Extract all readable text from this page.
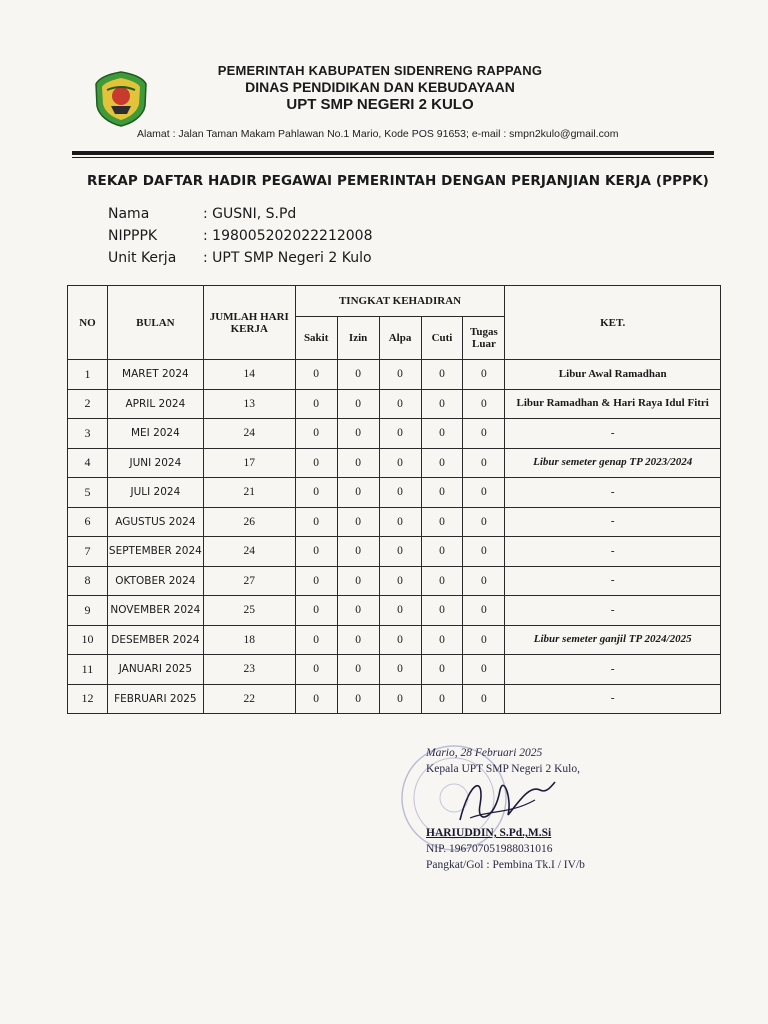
PEMERINTAH KABUPATEN SIDENRENG RAPPANG
DINAS PENDIDIKAN DAN KEBUDAYAAN
UPT SMP NEGERI 2 KULO
Alamat : Jalan Taman Makam Pahlawan No.1 Mario, Kode POS 91653; e-mail : smpn2kulo@gmail.com
REKAP DAFTAR HADIR PEGAWAI PEMERINTAH DENGAN PERJANJIAN KERJA (PPPK)
Nama	: GUSNI, S.Pd
NIPPPK	: 198005202022212008
Unit Kerja	: UPT SMP Negeri 2 Kulo
NO	BULAN	JUMLAH HARI KERJA	TINGKAT KEHADIRAN					KET.
			Sakit	Izin	Alpa	Cuti	Tugas Luar	
1	MARET 2024	14	0	0	0	0	0	Libur Awal Ramadhan
2	APRIL 2024	13	0	0	0	0	0	Libur Ramadhan & Hari Raya Idul Fitri
3	MEI 2024	24	0	0	0	0	0	-
4	JUNI 2024	17	0	0	0	0	0	Libur semeter genap TP 2023/2024
5	JULI 2024	21	0	0	0	0	0	-
6	AGUSTUS 2024	26	0	0	0	0	0	-
7	SEPTEMBER 2024	24	0	0	0	0	0	-
8	OKTOBER 2024	27	0	0	0	0	0	-
9	NOVEMBER 2024	25	0	0	0	0	0	-
10	DESEMBER 2024	18	0	0	0	0	0	Libur semeter ganjil TP 2024/2025
11	JANUARI 2025	23	0	0	0	0	0	-
12	FEBRUARI 2025	22	0	0	0	0	0	-
Mario, 28 Februari 2025
Kepala UPT SMP Negeri 2 Kulo,
HARIUDDIN, S.Pd.,M.Si
NIP. 196707051988031016
Pangkat/Gol : Pembina Tk.I / IV/b
